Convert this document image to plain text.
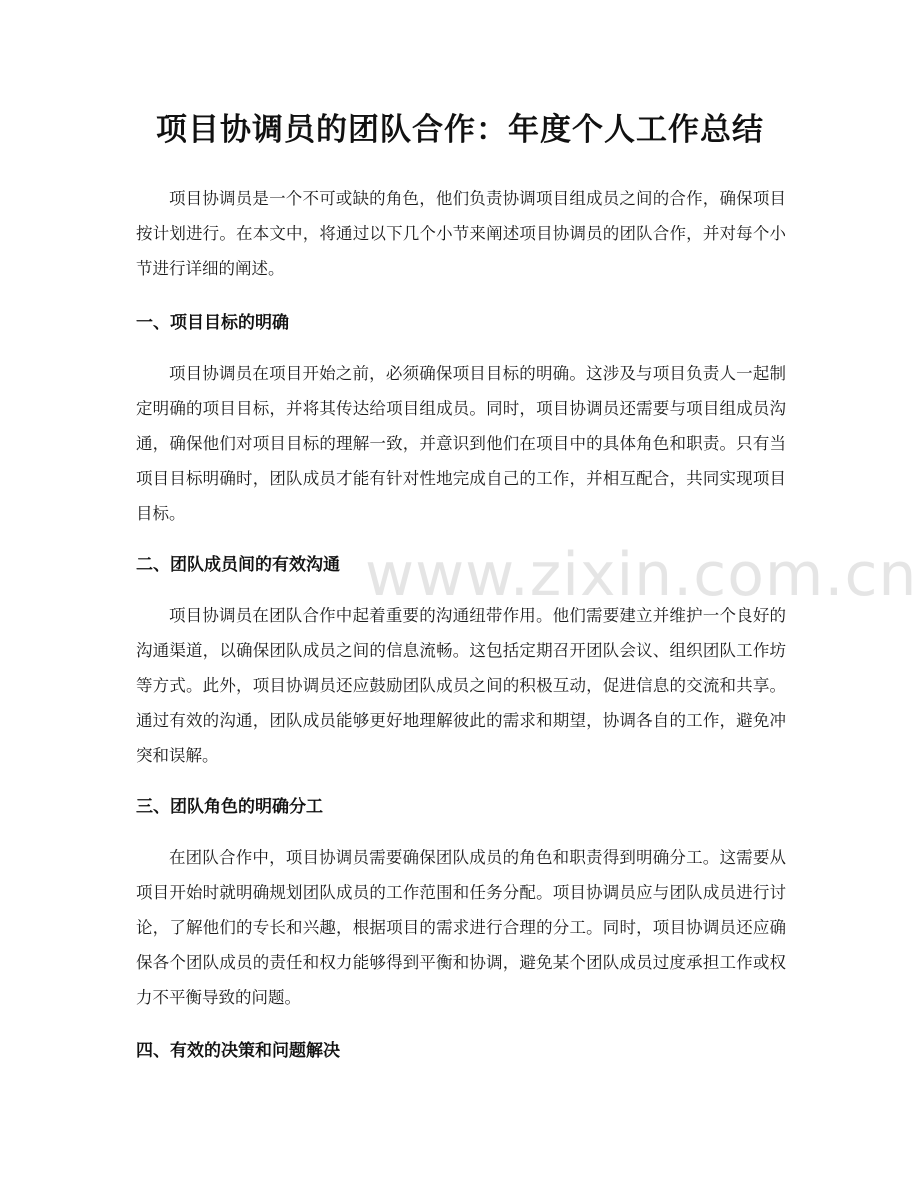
项目协调员的团队合作：年度个人工作总结

项目协调员是一个不可或缺的角色，他们负责协调项目组成员之间的合作，确保项目按计划进行。在本文中，将通过以下几个小节来阐述项目协调员的团队合作，并对每个小节进行详细的阐述。

一、项目目标的明确

项目协调员在项目开始之前，必须确保项目目标的明确。这涉及与项目负责人一起制定明确的项目目标，并将其传达给项目组成员。同时，项目协调员还需要与项目组成员沟通，确保他们对项目目标的理解一致，并意识到他们在项目中的具体角色和职责。只有当项目目标明确时，团队成员才能有针对性地完成自己的工作，并相互配合，共同实现项目目标。

二、团队成员间的有效沟通

项目协调员在团队合作中起着重要的沟通纽带作用。他们需要建立并维护一个良好的沟通渠道，以确保团队成员之间的信息流畅。这包括定期召开团队会议、组织团队工作坊等方式。此外，项目协调员还应鼓励团队成员之间的积极互动，促进信息的交流和共享。通过有效的沟通，团队成员能够更好地理解彼此的需求和期望，协调各自的工作，避免冲突和误解。

三、团队角色的明确分工

在团队合作中，项目协调员需要确保团队成员的角色和职责得到明确分工。这需要从项目开始时就明确规划团队成员的工作范围和任务分配。项目协调员应与团队成员进行讨论，了解他们的专长和兴趣，根据项目的需求进行合理的分工。同时，项目协调员还应确保各个团队成员的责任和权力能够得到平衡和协调，避免某个团队成员过度承担工作或权力不平衡导致的问题。

四、有效的决策和问题解决
www.zixin.com.cn
